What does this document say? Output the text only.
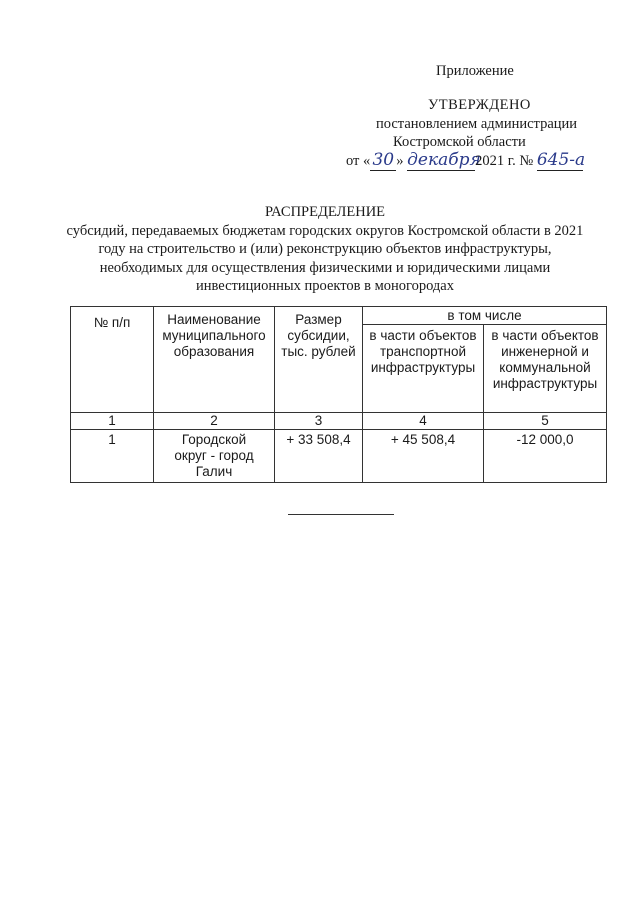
Приложение
УТВЕРЖДЕНО
постановлением администрации
Костромской области
от « 30 » декабря2021 г. № 645-а
РАСПРЕДЕЛЕНИЕ
субсидий, передаваемых бюджетам городских округов Костромской области в 2021 году на строительство и (или) реконструкцию объектов инфраструктуры, необходимых для осуществления физическими и юридическими лицами инвестиционных проектов в моногородах
№ п/п	Наименование муниципального образования	Размер субсидии, тыс. рублей	в том числе	
			в части объектов транспортной инфраструктуры	в части объектов инженерной и коммунальной инфраструктуры
1	2	3	4	5
1	Городской округ - город Галич	+ 33 508,4	+ 45 508,4	-12 000,0
